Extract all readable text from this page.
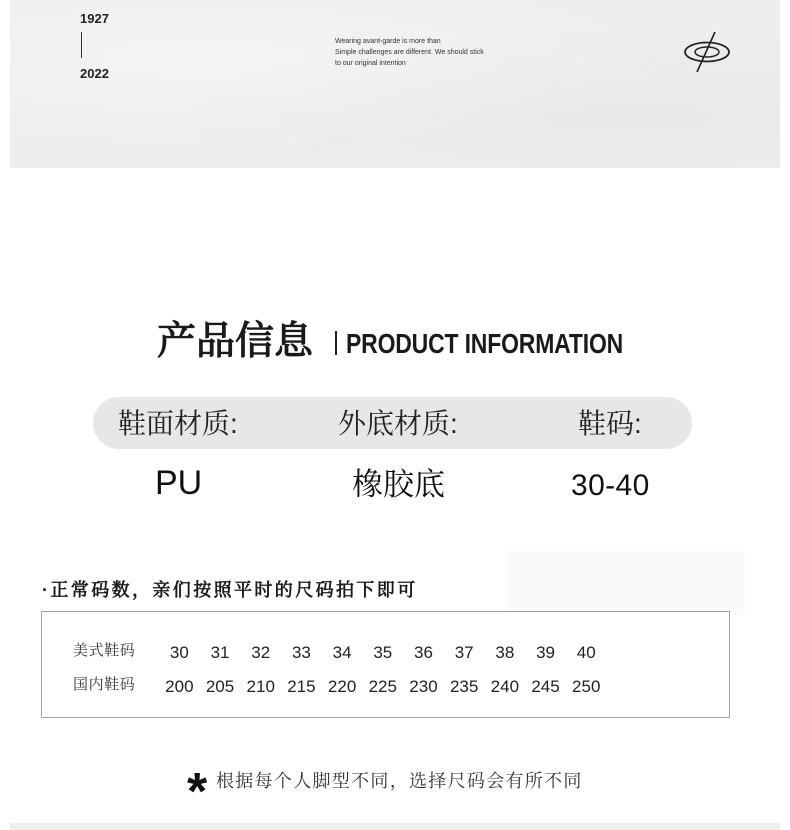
1927
2022
Wearing avant-garde is more than
Simple challenges are different. We should stick
to our original intention
产品信息 PRODUCT INFORMATION
鞋面材质:	外底材质:	鞋码:
PU	橡胶底	30-40
·正常码数，亲们按照平时的尺码拍下即可
美式鞋码	30	31	32	33	34	35	36	37	38	39	40
国内鞋码	200 205 210 215 220 225 230 235 240 245 250
* 根据每个人脚型不同，选择尺码会有所不同
